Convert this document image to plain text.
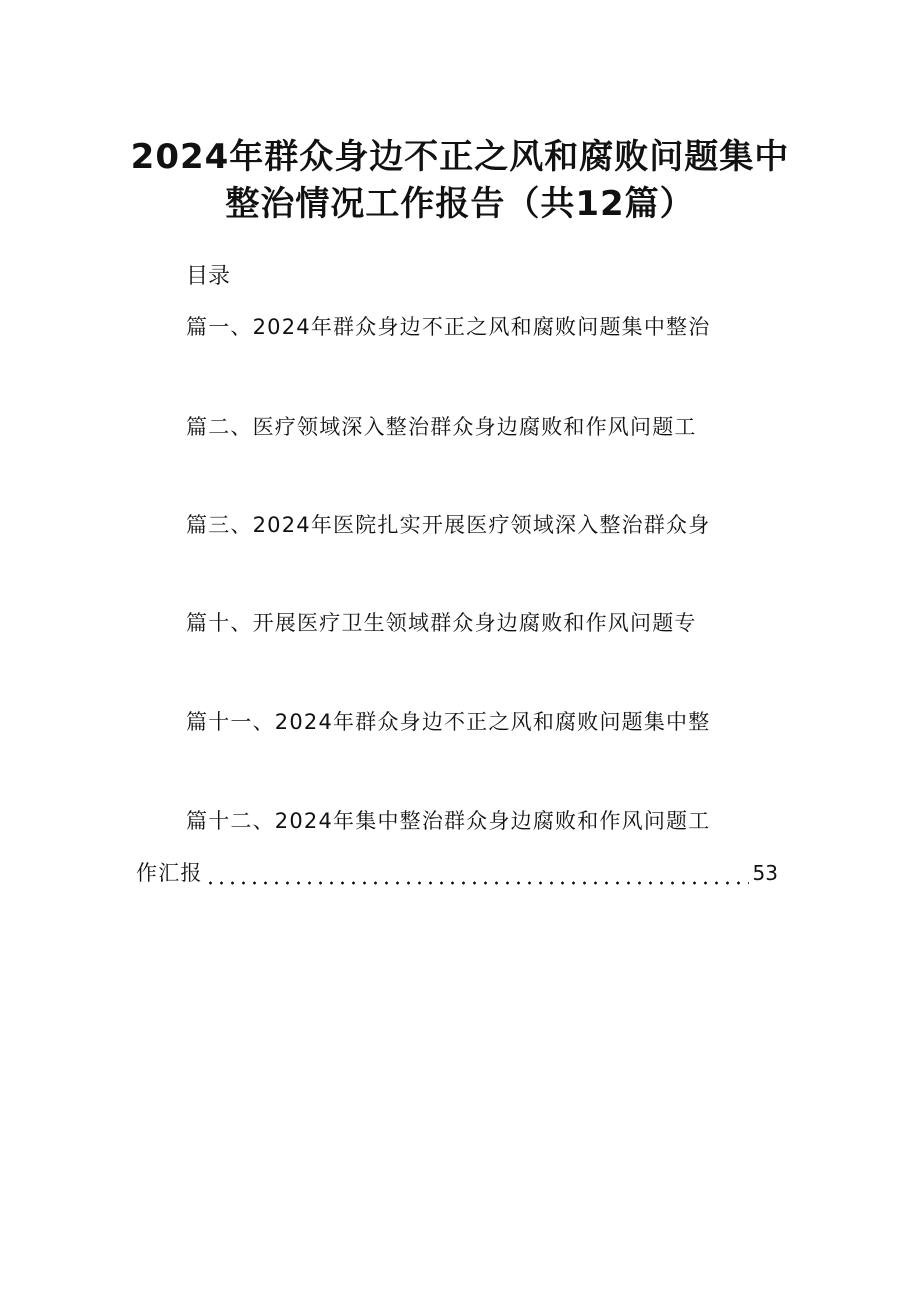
2024年群众身边不正之风和腐败问题集中
整治情况工作报告（共12篇）
目录
篇一、2024年群众身边不正之风和腐败问题集中整治
篇二、医疗领域深入整治群众身边腐败和作风问题工
篇三、2024年医院扎实开展医疗领域深入整治群众身
篇十、开展医疗卫生领域群众身边腐败和作风问题专
篇十一、2024年群众身边不正之风和腐败问题集中整
篇十二、2024年集中整治群众身边腐败和作风问题工
作汇报	53
